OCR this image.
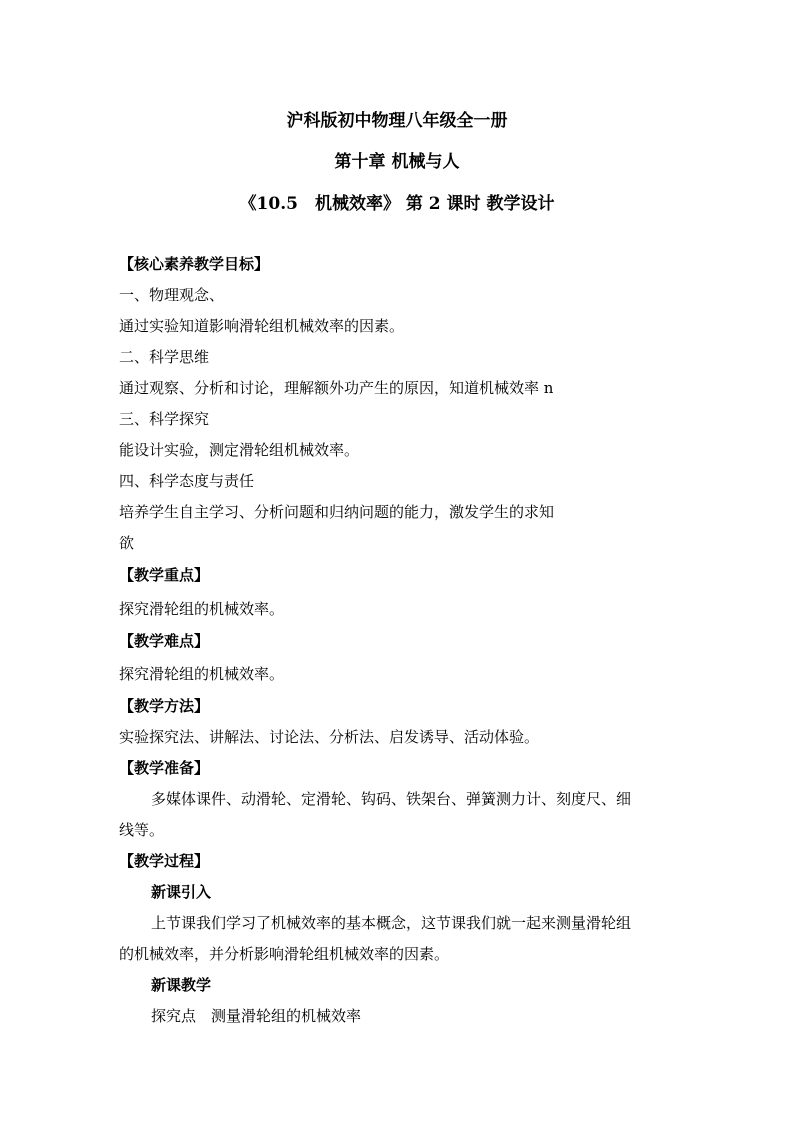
沪科版初中物理八年级全一册
第十章 机械与人
《10.5　机械效率》 第 2 课时 教学设计
【核心素养教学目标】
一、物理观念、
通过实验知道影响滑轮组机械效率的因素。
二、科学思维
通过观察、分析和讨论，理解额外功产生的原因，知道机械效率 n
三、科学探究
能设计实验，测定滑轮组机械效率。
四、科学态度与责任
培养学生自主学习、分析问题和归纳问题的能力，激发学生的求知
欲
【教学重点】
探究滑轮组的机械效率。
【教学难点】
探究滑轮组的机械效率。
【教学方法】
实验探究法、讲解法、讨论法、分析法、启发诱导、活动体验。
【教学准备】
多媒体课件、动滑轮、定滑轮、钩码、铁架台、弹簧测力计、刻度尺、细
线等。
【教学过程】
新课引入
上节课我们学习了机械效率的基本概念，这节课我们就一起来测量滑轮组
的机械效率，并分析影响滑轮组机械效率的因素。
新课教学
探究点　测量滑轮组的机械效率
